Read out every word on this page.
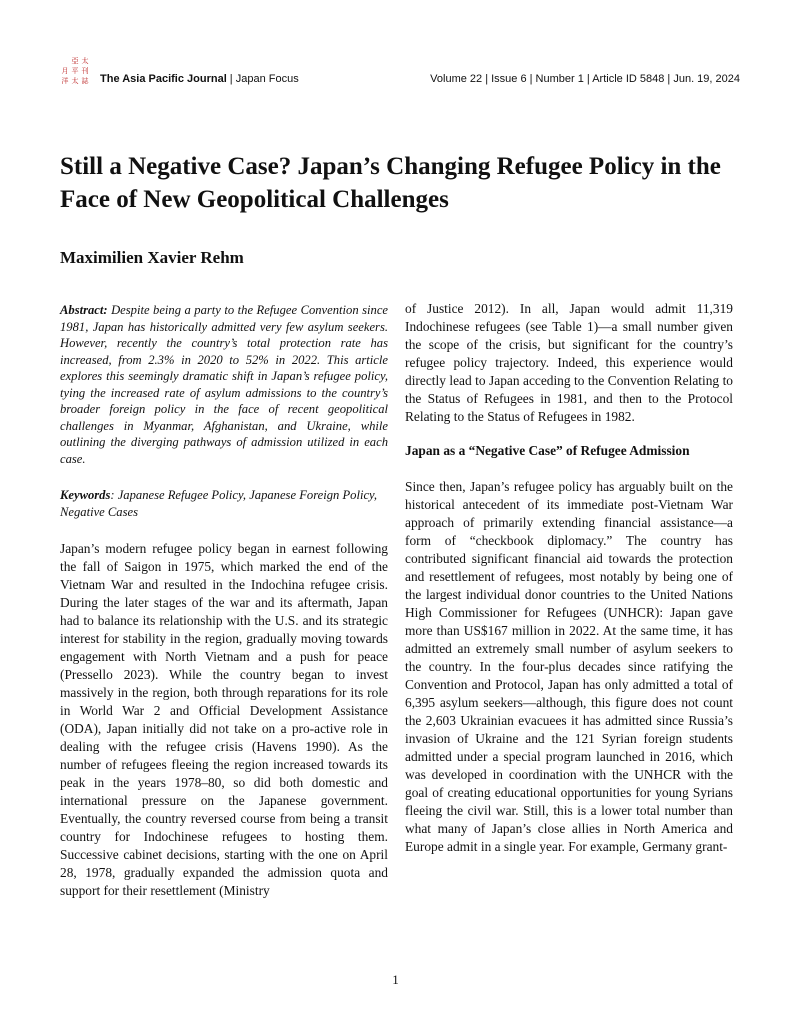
亞 太
月 平 刊
洋 太 誌 The Asia Pacific Journal | Japan Focus	Volume 22 | Issue 6 | Number 1 | Article ID 5848 | Jun. 19, 2024
Still a Negative Case? Japan’s Changing Refugee Policy in the Face of New Geopolitical Challenges
Maximilien Xavier Rehm

Abstract: Despite being a party to the Refugee Convention since 1981, Japan has historically admitted very few asylum seekers. However, recently the country’s total protection rate has increased, from 2.3% in 2020 to 52% in 2022. This article explores this seemingly dramatic shift in Japan’s refugee policy, tying the increased rate of asylum admissions to the country’s broader foreign policy in the face of recent geopolitical challenges in Myanmar, Afghanistan, and Ukraine, while outlining the diverging pathways of admission utilized in each case.

Keywords: Japanese Refugee Policy, Japanese Foreign Policy, Negative Cases

Japan’s modern refugee policy began in earnest following the fall of Saigon in 1975, which marked the end of the Vietnam War and resulted in the Indochina refugee crisis. During the later stages of the war and its aftermath, Japan had to balance its relationship with the U.S. and its strategic interest for stability in the region, gradually moving towards engagement with North Vietnam and a push for peace (Pressello 2023). While the country began to invest massively in the region, both through reparations for its role in World War 2 and Official Development Assistance (ODA), Japan initially did not take on a pro-active role in dealing with the refugee crisis (Havens 1990). As the number of refugees fleeing the region increased towards its peak in the years 1978–80, so did both domestic and international pressure on the Japanese government. Eventually, the country reversed course from being a transit country for Indochinese refugees to hosting them. Successive cabinet decisions, starting with the one on April 28, 1978, gradually expanded the admission quota and support for their resettlement (Ministry

of Justice 2012). In all, Japan would admit 11,319 Indochinese refugees (see Table 1)—a small number given the scope of the crisis, but significant for the country’s refugee policy trajectory. Indeed, this experience would directly lead to Japan acceding to the Convention Relating to the Status of Refugees in 1981, and then to the Protocol Relating to the Status of Refugees in 1982.

Japan as a “Negative Case” of Refugee Admission

Since then, Japan’s refugee policy has arguably built on the historical antecedent of its immediate post-Vietnam War approach of primarily extending financial assistance—a form of “checkbook diplomacy.” The country has contributed significant financial aid towards the protection and resettlement of refugees, most notably by being one of the largest individual donor countries to the United Nations High Commissioner for Refugees (UNHCR): Japan gave more than US$167 million in 2022. At the same time, it has admitted an extremely small number of asylum seekers to the country. In the four-plus decades since ratifying the Convention and Protocol, Japan has only admitted a total of 6,395 asylum seekers—although, this figure does not count the 2,603 Ukrainian evacuees it has admitted since Russia’s invasion of Ukraine and the 121 Syrian foreign students admitted under a special program launched in 2016, which was developed in coordination with the UNHCR with the goal of creating educational opportunities for young Syrians fleeing the civil war. Still, this is a lower total number than what many of Japan’s close allies in North America and Europe admit in a single year. For example, Germany grant-

1
